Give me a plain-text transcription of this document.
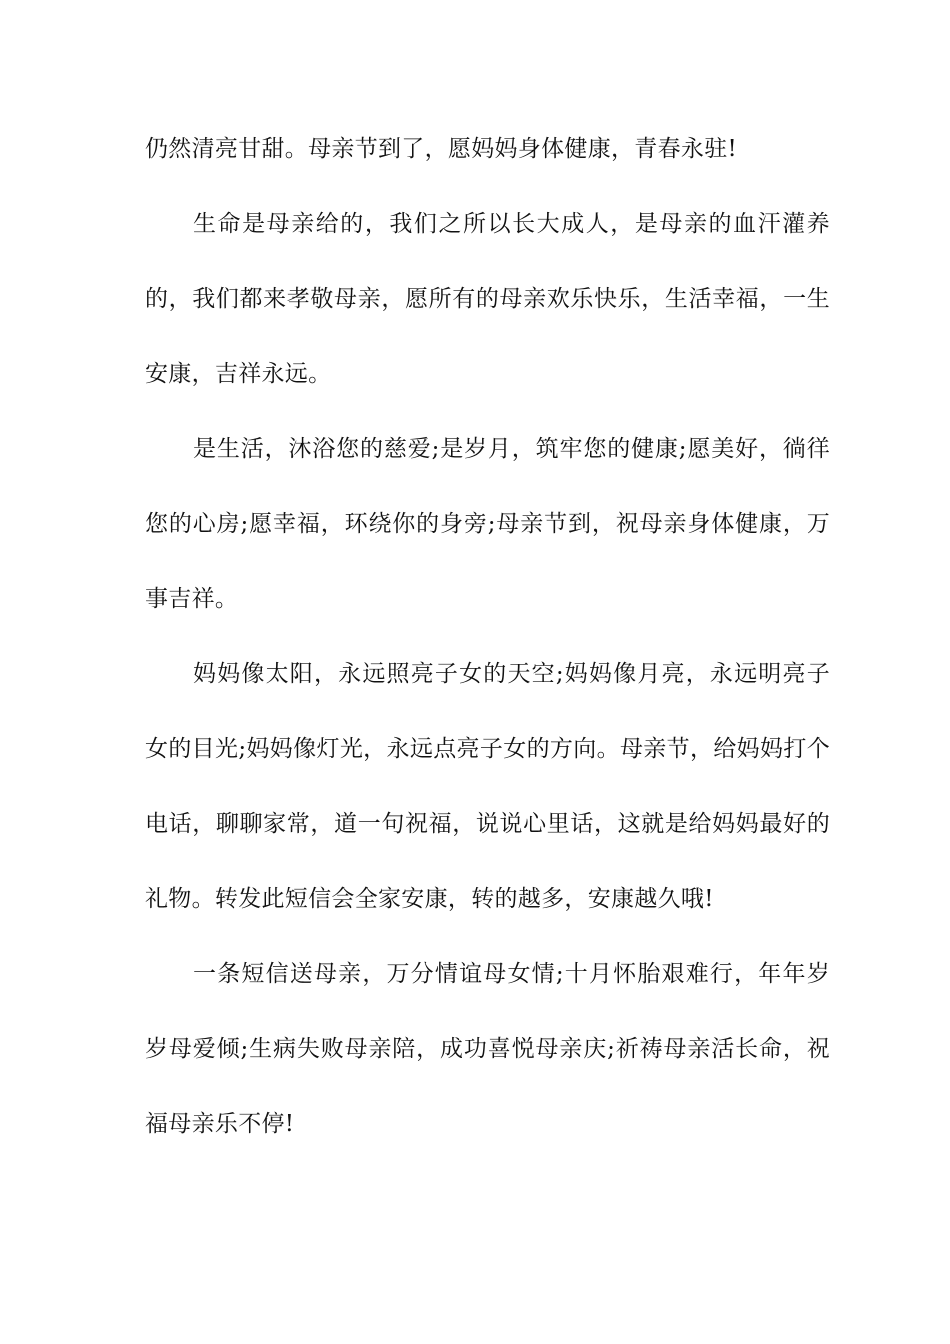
仍然清亮甘甜。母亲节到了，愿妈妈身体健康，青春永驻!

生命是母亲给的，我们之所以长大成人，是母亲的血汗灌养的，我们都来孝敬母亲，愿所有的母亲欢乐快乐，生活幸福，一生安康，吉祥永远。

是生活，沐浴您的慈爱;是岁月，筑牢您的健康;愿美好，徜徉您的心房;愿幸福，环绕你的身旁;母亲节到，祝母亲身体健康，万事吉祥。

妈妈像太阳，永远照亮子女的天空;妈妈像月亮，永远明亮子女的目光;妈妈像灯光，永远点亮子女的方向。母亲节，给妈妈打个电话，聊聊家常，道一句祝福，说说心里话，这就是给妈妈最好的礼物。转发此短信会全家安康，转的越多，安康越久哦!

一条短信送母亲，万分情谊母女情;十月怀胎艰难行，年年岁岁母爱倾;生病失败母亲陪，成功喜悦母亲庆;祈祷母亲活长命，祝福母亲乐不停!
